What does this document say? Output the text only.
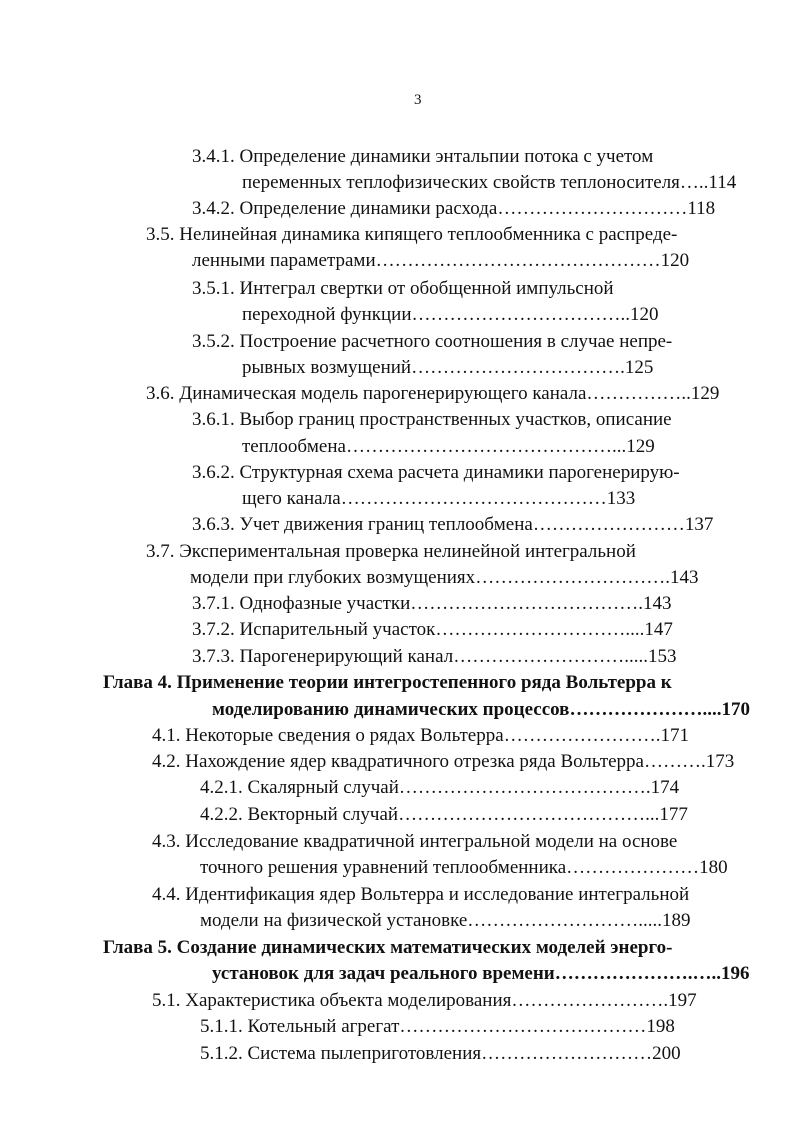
3
3.4.1. Определение динамики энтальпии потока с учетом
переменных теплофизических свойств теплоносителя…..114
3.4.2. Определение динамики расхода…………………………118
3.5. Нелинейная динамика кипящего теплообменника с распреде-
ленными параметрами………………………………………120
3.5.1. Интеграл свертки от обобщенной импульсной
переходной функции……………………………..120
3.5.2. Построение расчетного соотношения в случае непре-
рывных возмущений…………………………….125
3.6. Динамическая модель парогенерирующего канала……………..129
3.6.1. Выбор границ пространственных участков, описание
теплообмена……………………………………...129
3.6.2. Структурная схема расчета динамики парогенерирую-
щего канала……………………………………133
3.6.3. Учет движения границ теплообмена……………………137
3.7. Экспериментальная проверка нелинейной интегральной
модели при глубоких возмущениях………………………….143
3.7.1. Однофазные участки……………………………….143
3.7.2. Испарительный участок…………………………....147
3.7.3. Парогенерирующий канал……………………….....153
Глава 4. Применение теории интегростепенного ряда Вольтерра к
моделированию динамических процессов…………………....170
4.1. Некоторые сведения о рядах Вольтерра…………………….171
4.2. Нахождение ядер квадратичного отрезка ряда Вольтерра……….173
4.2.1. Скалярный случай………………………………….174
4.2.2. Векторный случай…………………………………...177
4.3. Исследование квадратичной интегральной модели на основе
точного решения уравнений теплообменника…………………180
4.4. Идентификация ядер Вольтерра и исследование интегральной
модели на физической установке……………………….....189
Глава 5. Создание динамических математических моделей энерго-
установок для задач реального времени………………….…..196
5.1. Характеристика объекта моделирования…………………….197
5.1.1. Котельный агрегат…………………………………198
5.1.2. Система пылеприготовления………………………200
